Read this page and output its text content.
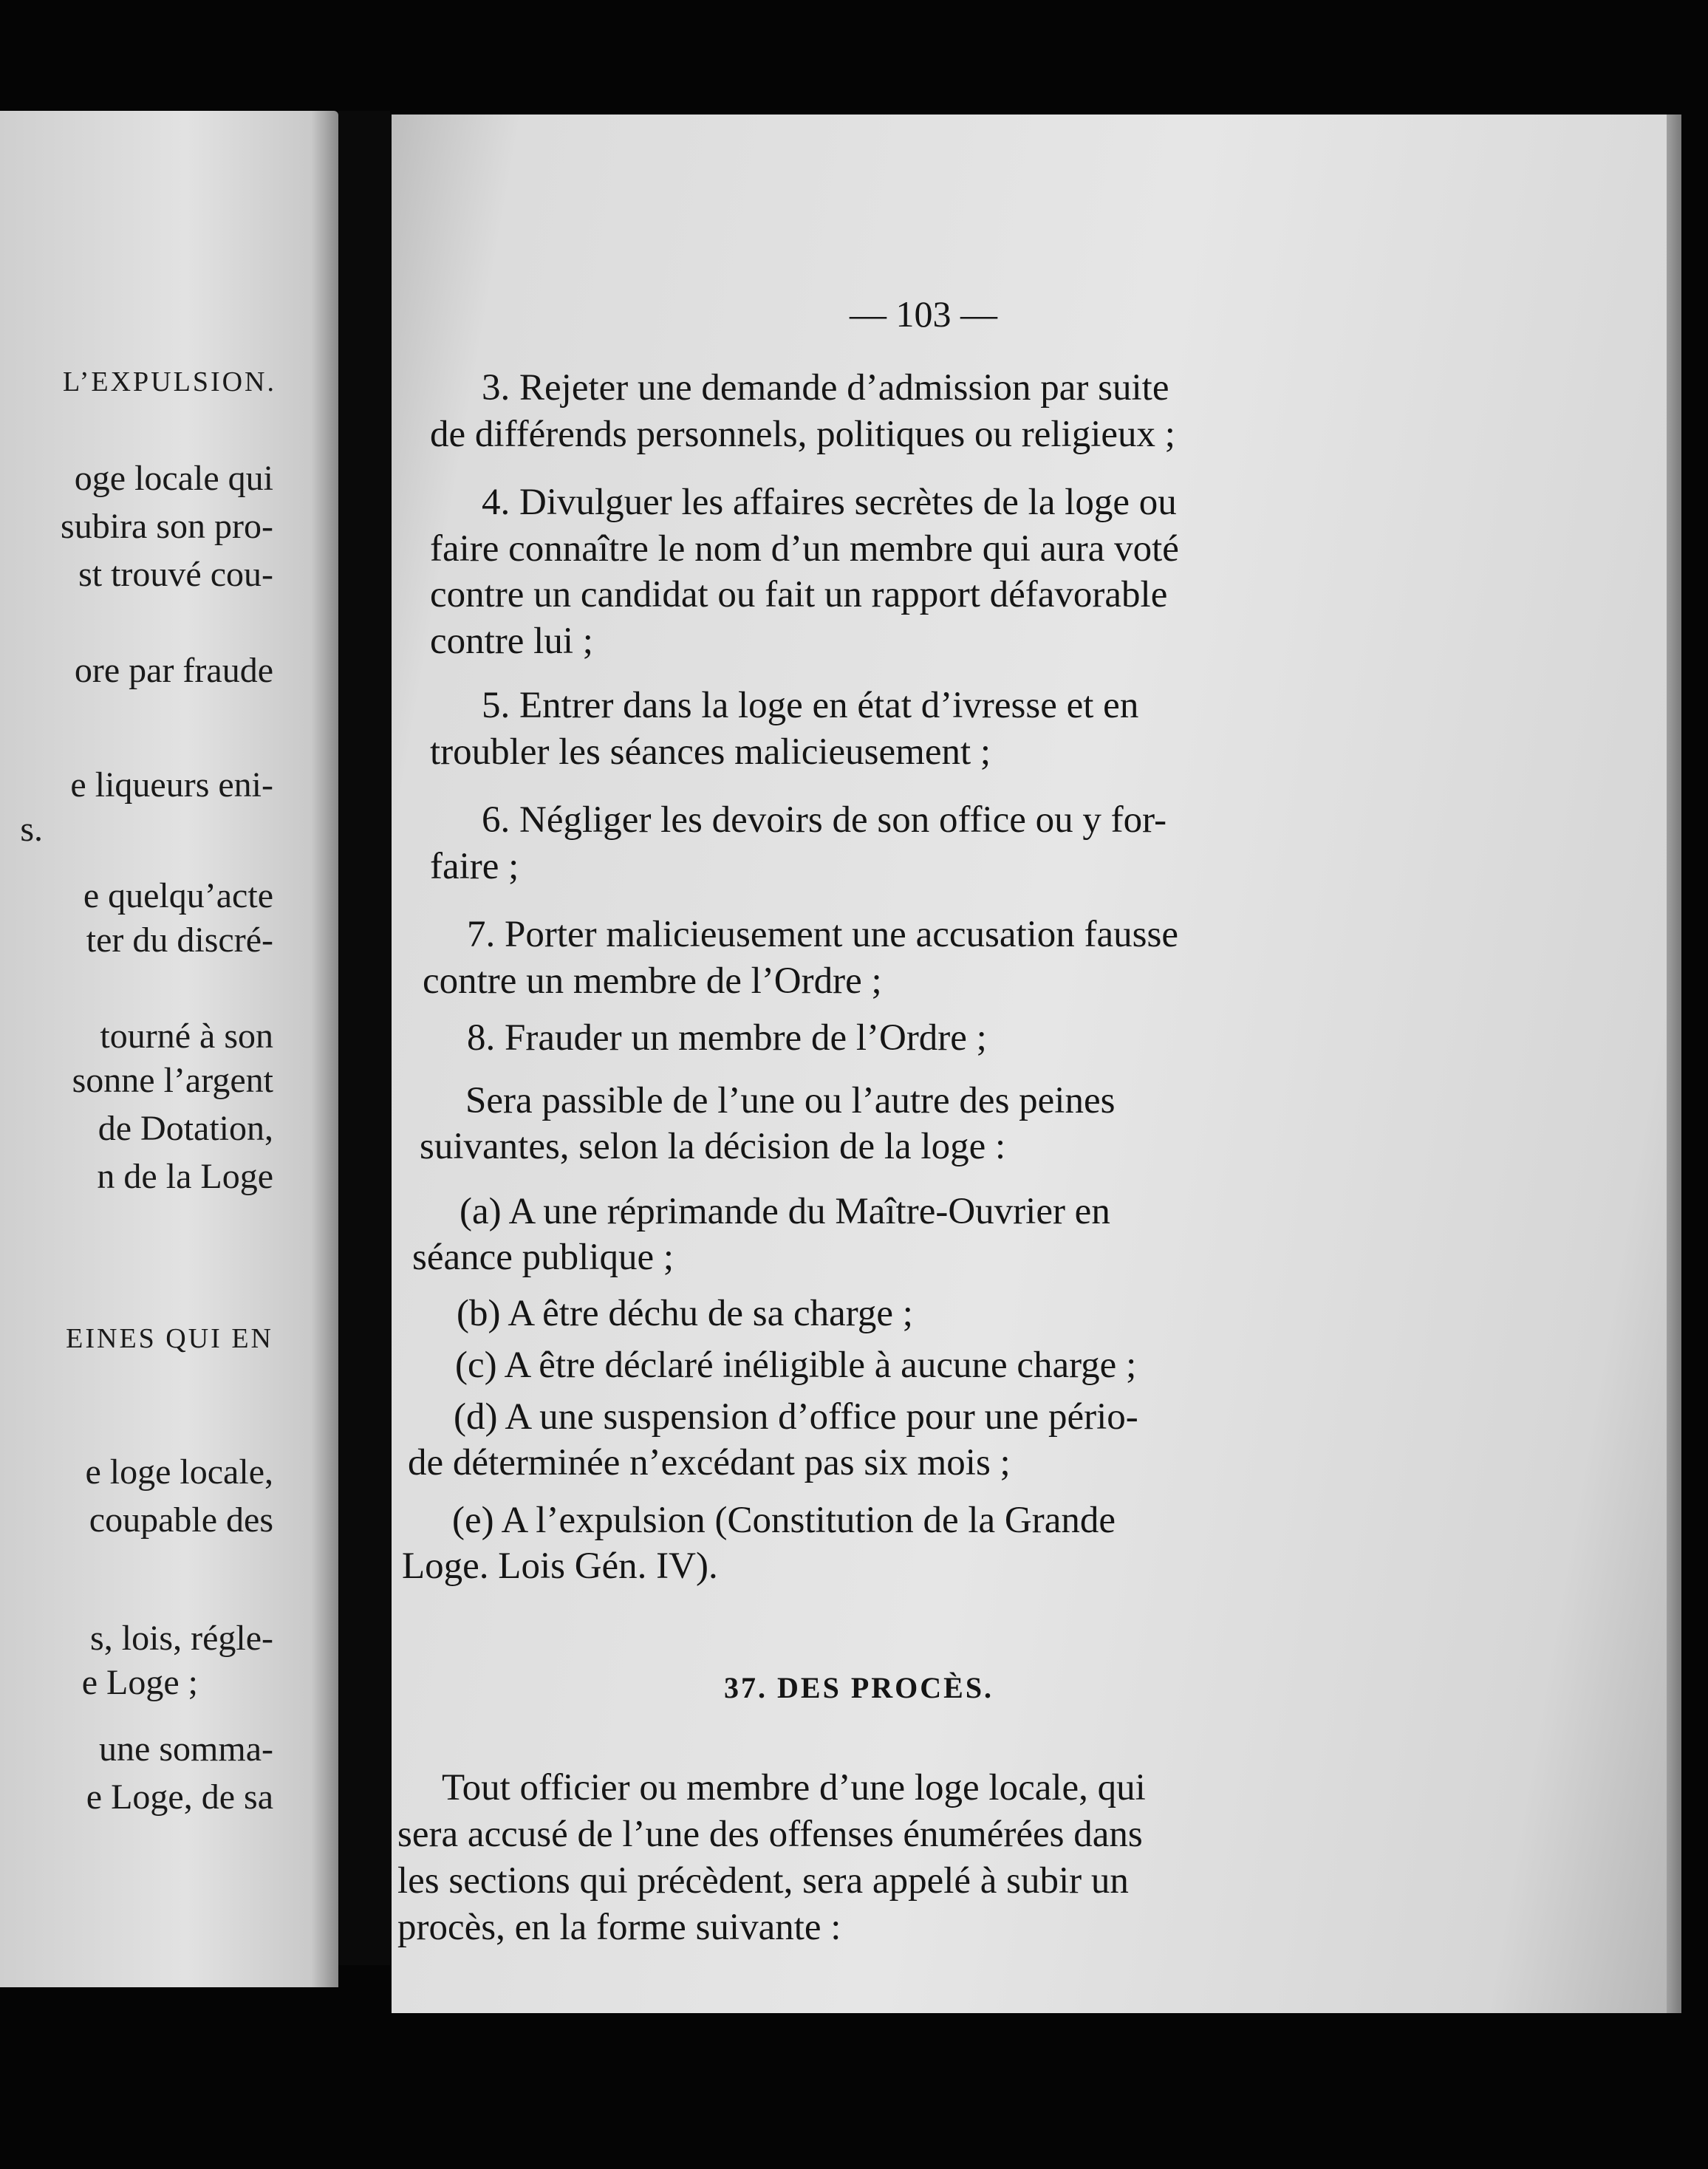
L’EXPULSION.
oge locale qui
subira son pro-
st trouvé cou-
ore par fraude
e liqueurs eni-
s.
e quelqu’acte
ter du discré-
tourné à son
sonne l’argent
de Dotation,
n de la Loge
EINES QUI EN
e loge locale,
coupable des
s, lois, régle-
e Loge ;
une somma-
e Loge, de sa
— 103 —
3. Rejeter une demande d’admission par suite
de différends personnels, politiques ou religieux ;
4. Divulguer les affaires secrètes de la loge ou
faire connaître le nom d’un membre qui aura voté
contre un candidat ou fait un rapport défavorable
contre lui ;
5. Entrer dans la loge en état d’ivresse et en
troubler les séances malicieusement ;
6. Négliger les devoirs de son office ou y for-
faire ;
7. Porter malicieusement une accusation fausse
contre un membre de l’Ordre ;
8. Frauder un membre de l’Ordre ;
Sera passible de l’une ou l’autre des peines
suivantes, selon la décision de la loge :
(a) A une réprimande du Maître-Ouvrier en
séance publique ;
(b) A être déchu de sa charge ;
(c) A être déclaré inéligible à aucune charge ;
(d) A une suspension d’office pour une pério-
de déterminée n’excédant pas six mois ;
(e) A l’expulsion (Constitution de la Grande
Loge. Lois Gén. IV).
37. DES PROCÈS.
Tout officier ou membre d’une loge locale, qui
sera accusé de l’une des offenses énumérées dans
les sections qui précèdent, sera appelé à subir un
procès, en la forme suivante :
